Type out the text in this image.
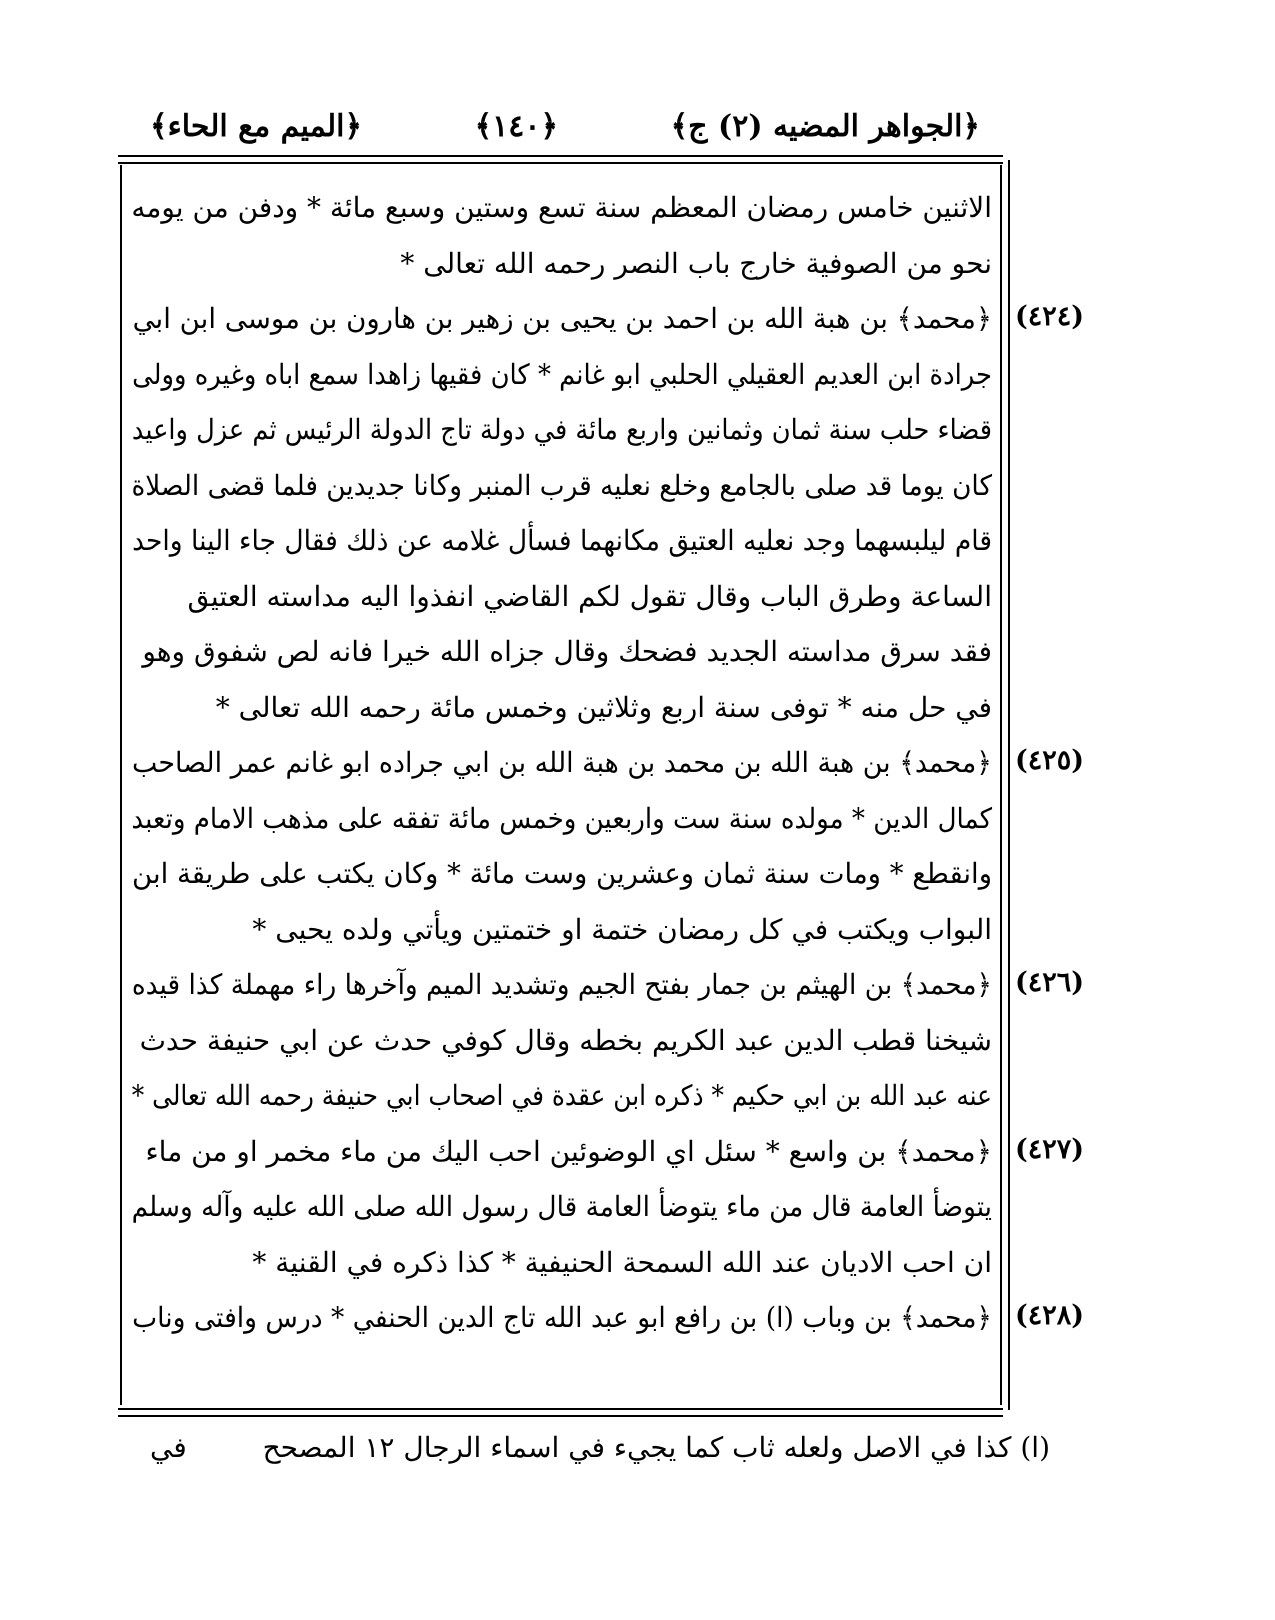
﴿الجواهر المضيه (٢) ج﴾
﴿١٤٠﴾
﴿الميم مع الحاء﴾
الاثنين خامس رمضان المعظم سنة تسع وستين وسبع مائة * ودفن من يومه
نحو من الصوفية خارج باب النصر رحمه الله تعالى *
﴿محمد﴾ بن هبة الله بن احمد بن يحيى بن زهير بن هارون بن موسى ابن ابي
جرادة ابن العديم العقيلي الحلبي ابو غانم * كان فقيها زاهدا سمع اباه وغيره وولى
قضاء حلب سنة ثمان وثمانين واربع مائة في دولة تاج الدولة الرئيس ثم عزل واعيد
كان يوما قد صلى بالجامع وخلع نعليه قرب المنبر وكانا جديدين فلما قضى الصلاة
قام ليلبسهما وجد نعليه العتيق مكانهما فسأل غلامه عن ذلك فقال جاء الينا واحد
الساعة وطرق الباب وقال تقول لكم القاضي انفذوا اليه مداسته العتيق
فقد سرق مداسته الجديد فضحك وقال جزاه الله خيرا فانه لص شفوق وهو
في حل منه * توفى سنة اربع وثلاثين وخمس مائة رحمه الله تعالى *
﴿محمد﴾ بن هبة الله بن محمد بن هبة الله بن ابي جراده ابو غانم عمر الصاحب
كمال الدين * مولده سنة ست واربعين وخمس مائة تفقه على مذهب الامام وتعبد
وانقطع * ومات سنة ثمان وعشرين وست مائة * وكان يكتب على طريقة ابن
البواب ويكتب في كل رمضان ختمة او ختمتين ويأتي ولده يحيى *
﴿محمد﴾ بن الهيثم بن جمار بفتح الجيم وتشديد الميم وآخرها راء مهملة كذا قيده
شيخنا قطب الدين عبد الكريم بخطه وقال كوفي حدث عن ابي حنيفة حدث
عنه عبد الله بن ابي حكيم * ذكره ابن عقدة في اصحاب ابي حنيفة رحمه الله تعالى *
﴿محمد﴾ بن واسع * سئل اي الوضوئين احب اليك من ماء مخمر او من ماء
يتوضأ العامة قال من ماء يتوضأ العامة قال رسول الله صلى الله عليه وآله وسلم
ان احب الاديان عند الله السمحة الحنيفية * كذا ذكره في القنية *
﴿محمد﴾ بن وباب (ا) بن رافع ابو عبد الله تاج الدين الحنفي * درس وافتى وناب
(٤٢٤)
(٤٢٥)
(٤٢٦)
(٤٢٧)
(٤٢٨)
(ا) كذا في الاصل ولعله ثاب كما يجيء في اسماء الرجال ١٢ المصحح
في
